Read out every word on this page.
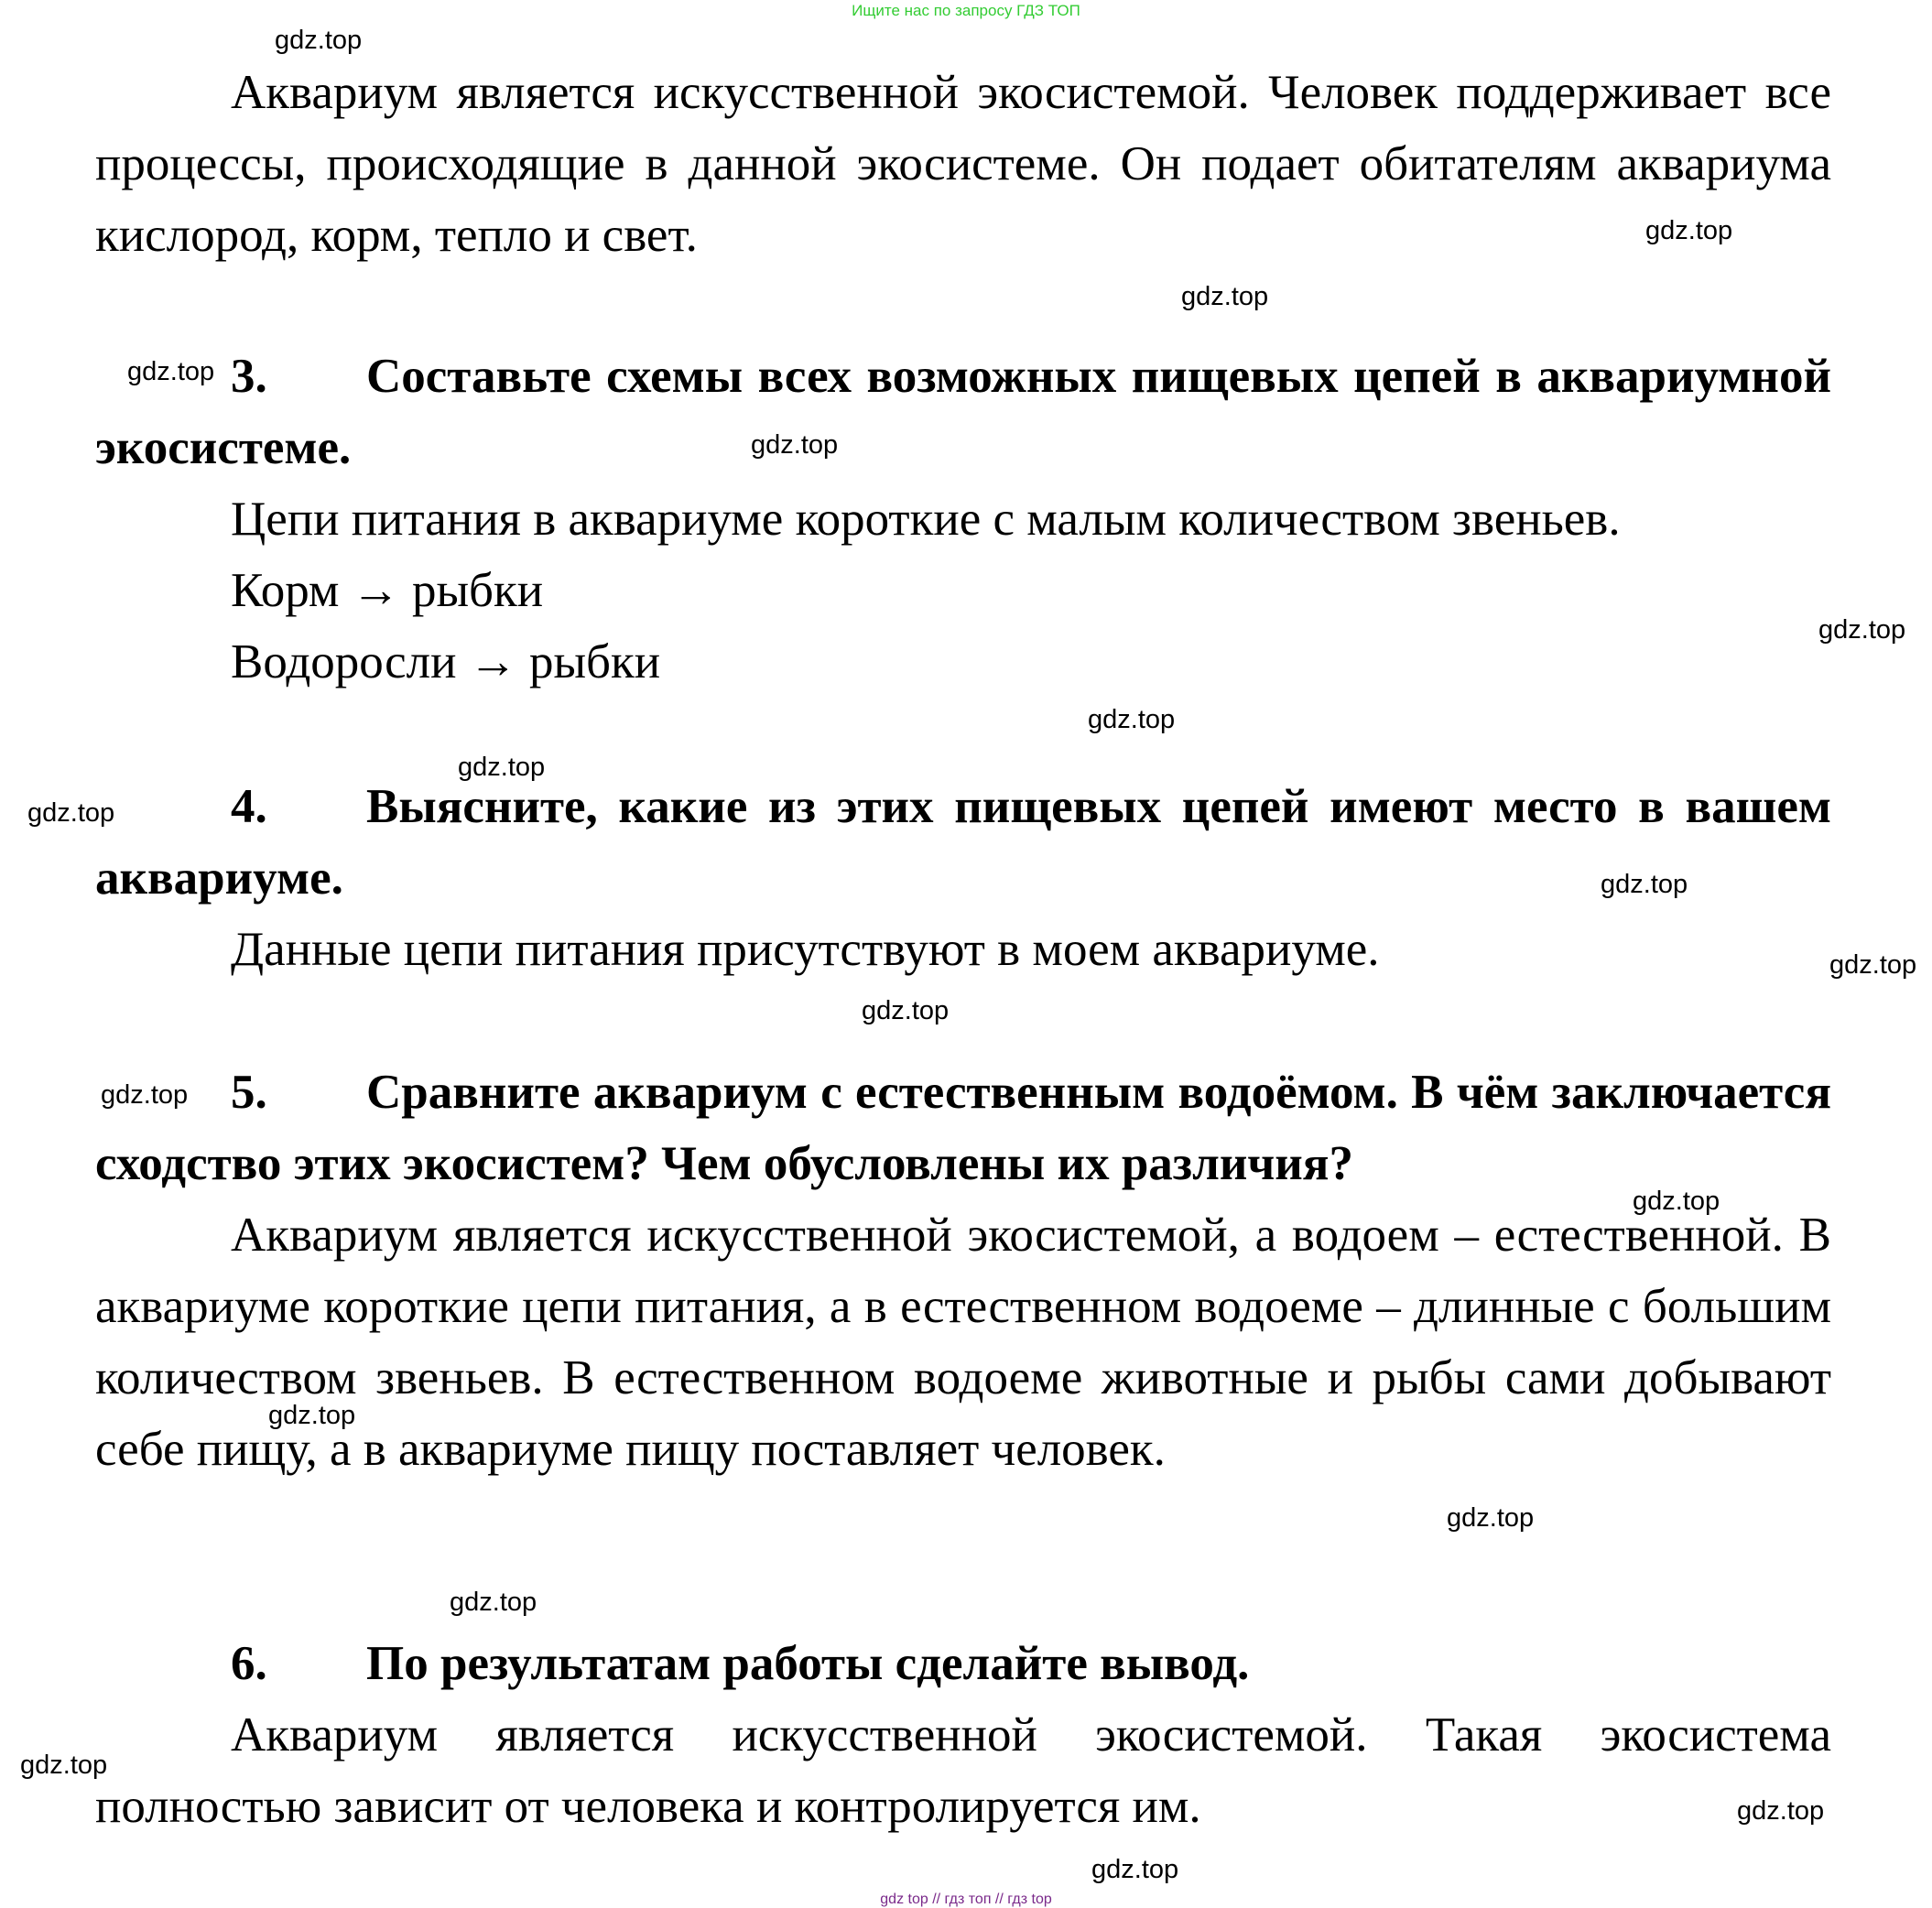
Ищите нас по запросу ГДЗ ТОП

Аквариум является искусственной экосистемой. Человек поддерживает все процессы, происходящие в данной экосистеме. Он подает обитателям аквариума кислород, корм, тепло и свет.

3. Составьте схемы всех возможных пищевых цепей в аквариумной экосистеме.

Цепи питания в аквариуме короткие с малым количеством звеньев.

Корм → рыбки

Водоросли → рыбки

4. Выясните, какие из этих пищевых цепей имеют место в вашем аквариуме.

Данные цепи питания присутствуют в моем аквариуме.

5. Сравните аквариум с естественным водоёмом. В чём заключается сходство этих экосистем? Чем обусловлены их различия?

Аквариум является искусственной экосистемой, а водоем – естественной. В аквариуме короткие цепи питания, а в естественном водоеме – длинные с большим количеством звеньев. В естественном водоеме животные и рыбы сами добывают себе пищу, а в аквариуме пищу поставляет человек.

6. По результатам работы сделайте вывод.

Аквариум является искусственной экосистемой. Такая экосистема полностью зависит от человека и контролируется им.

gdz.top
gdz.top
gdz.top
gdz.top
gdz.top
gdz.top
gdz.top
gdz.top
gdz.top
gdz.top
gdz.top
gdz.top
gdz.top
gdz.top
gdz.top
gdz.top
gdz.top
gdz.top
gdz.top
gdz.top
gdz top // гдз топ // гдз top
